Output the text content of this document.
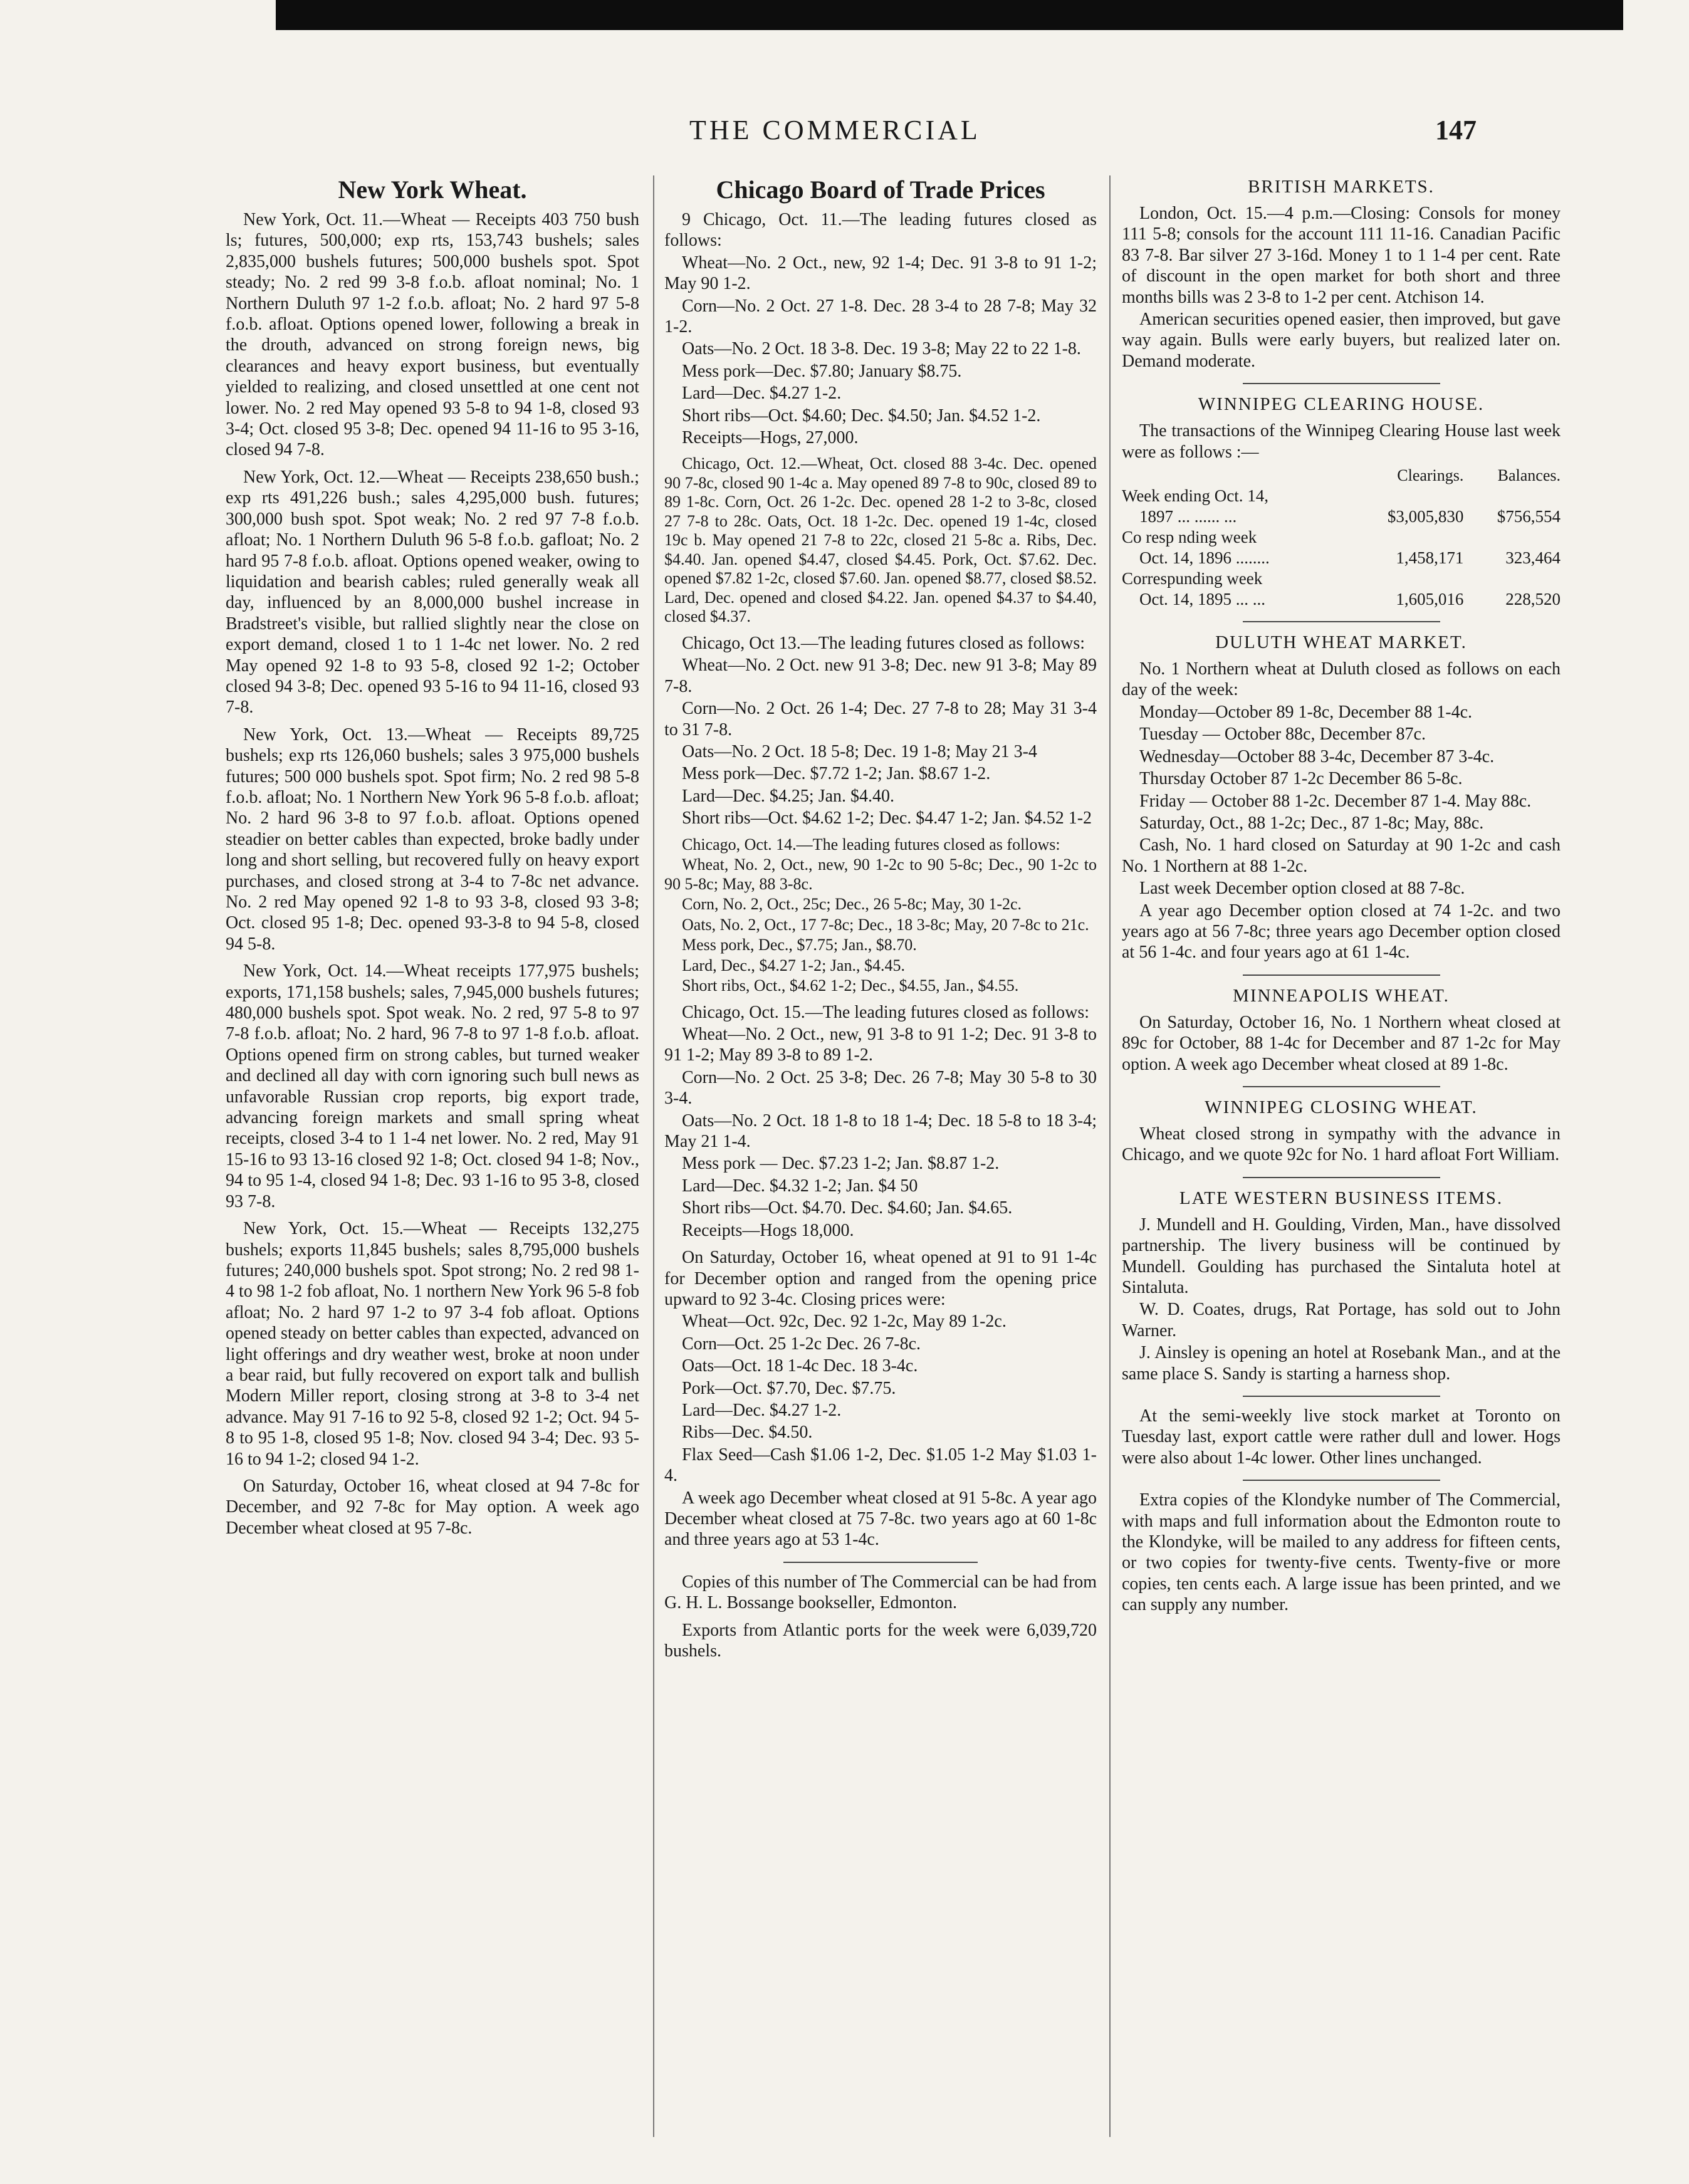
THE COMMERCIAL	147
New York Wheat.

New York, Oct. 11.—Wheat — Receipts 403 750 bush ls; futures, 500,000; exp rts, 153,743 bushels; sales 2,835,000 bushels futures; 500,000 bushels spot. Spot steady; No. 2 red 99 3-8 f.o.b. afloat nominal; No. 1 Northern Duluth 97 1-2 f.o.b. afloat; No. 2 hard 97 5-8 f.o.b. afloat. Options opened lower, following a break in the drouth, advanced on strong foreign news, big clearances and heavy export business, but eventually yielded to realizing, and closed unsettled at one cent not lower. No. 2 red May opened 93 5-8 to 94 1-8, closed 93 3-4; Oct. closed 95 3-8; Dec. opened 94 11-16 to 95 3-16, closed 94 7-8.

New York, Oct. 12.—Wheat — Receipts 238,650 bush.; exp rts 491,226 bush.; sales 4,295,000 bush. futures; 300,000 bush spot. Spot weak; No. 2 red 97 7-8 f.o.b. afloat; No. 1 Northern Duluth 96 5-8 f.o.b. gafloat; No. 2 hard 95 7-8 f.o.b. afloat. Options opened weaker, owing to liquidation and bearish cables; ruled generally weak all day, influenced by an 8,000,000 bushel increase in Bradstreet's visible, but rallied slightly near the close on export demand, closed 1 to 1 1-4c net lower. No. 2 red May opened 92 1-8 to 93 5-8, closed 92 1-2; October closed 94 3-8; Dec. opened 93 5-16 to 94 11-16, closed 93 7-8.

New York, Oct. 13.—Wheat — Receipts 89,725 bushels; exp rts 126,060 bushels; sales 3 975,000 bushels futures; 500 000 bushels spot. Spot firm; No. 2 red 98 5-8 f.o.b. afloat; No. 1 Northern New York 96 5-8 f.o.b. afloat; No. 2 hard 96 3-8 to 97 f.o.b. afloat. Options opened steadier on better cables than expected, broke badly under long and short selling, but recovered fully on heavy export purchases, and closed strong at 3-4 to 7-8c net advance. No. 2 red May opened 92 1-8 to 93 3-8, closed 93 3-8; Oct. closed 95 1-8; Dec. opened 93-3-8 to 94 5-8, closed 94 5-8.

New York, Oct. 14.—Wheat receipts 177,975 bushels; exports, 171,158 bushels; sales, 7,945,000 bushels futures; 480,000 bushels spot. Spot weak. No. 2 red, 97 5-8 to 97 7-8 f.o.b. afloat; No. 2 hard, 96 7-8 to 97 1-8 f.o.b. afloat. Options opened firm on strong cables, but turned weaker and declined all day with corn ignoring such bull news as unfavorable Russian crop reports, big export trade, advancing foreign markets and small spring wheat receipts, closed 3-4 to 1 1-4 net lower. No. 2 red, May 91 15-16 to 93 13-16 closed 92 1-8; Oct. closed 94 1-8; Nov., 94 to 95 1-4, closed 94 1-8; Dec. 93 1-16 to 95 3-8, closed 93 7-8.

New York, Oct. 15.—Wheat — Receipts 132,275 bushels; exports 11,845 bushels; sales 8,795,000 bushels futures; 240,000 bushels spot. Spot strong; No. 2 red 98 1-4 to 98 1-2 fob afloat, No. 1 northern New York 96 5-8 fob afloat; No. 2 hard 97 1-2 to 97 3-4 fob afloat. Options opened steady on better cables than expected, advanced on light offerings and dry weather west, broke at noon under a bear raid, but fully recovered on export talk and bullish Modern Miller report, closing strong at 3-8 to 3-4 net advance. May 91 7-16 to 92 5-8, closed 92 1-2; Oct. 94 5-8 to 95 1-8, closed 95 1-8; Nov. closed 94 3-4; Dec. 93 5-16 to 94 1-2; closed 94 1-2.

On Saturday, October 16, wheat closed at 94 7-8c for December, and 92 7-8c for May option. A week ago December wheat closed at 95 7-8c.

Chicago Board of Trade Prices
9 Chicago, Oct. 11.—The leading futures closed as follows:
Wheat—No. 2 Oct., new, 92 1-4; Dec. 91 3-8 to 91 1-2; May 90 1-2.
Corn—No. 2 Oct. 27 1-8. Dec. 28 3-4 to 28 7-8; May 32 1-2.
Oats—No. 2 Oct. 18 3-8. Dec. 19 3-8; May 22 to 22 1-8.
Mess pork—Dec. $7.80; January $8.75.
Lard—Dec. $4.27 1-2.
Short ribs—Oct. $4.60; Dec. $4.50; Jan. $4.52 1-2.
Receipts—Hogs, 27,000.

Chicago, Oct. 12.—Wheat, Oct. closed 88 3-4c. Dec. opened 90 7-8c, closed 90 1-4c a. May opened 89 7-8 to 90c, closed 89 to 89 1-8c. Corn, Oct. 26 1-2c. Dec. opened 28 1-2 to 3-8c, closed 27 7-8 to 28c. Oats, Oct. 18 1-2c. Dec. opened 19 1-4c, closed 19c b. May opened 21 7-8 to 22c, closed 21 5-8c a. Ribs, Dec. $4.40. Jan. opened $4.47, closed $4.45. Pork, Oct. $7.62. Dec. opened $7.82 1-2c, closed $7.60. Jan. opened $8.77, closed $8.52. Lard, Dec. opened and closed $4.22. Jan. opened $4.37 to $4.40, closed $4.37.

Chicago, Oct 13.—The leading futures closed as follows:
Wheat—No. 2 Oct. new 91 3-8; Dec. new 91 3-8; May 89 7-8.
Corn—No. 2 Oct. 26 1-4; Dec. 27 7-8 to 28; May 31 3-4 to 31 7-8.
Oats—No. 2 Oct. 18 5-8; Dec. 19 1-8; May 21 3-4
Mess pork—Dec. $7.72 1-2; Jan. $8.67 1-2.
Lard—Dec. $4.25; Jan. $4.40.
Short ribs—Oct. $4.62 1-2; Dec. $4.47 1-2; Jan. $4.52 1-2
Chicago, Oct. 14.—The leading futures closed as follows:
Wheat, No. 2, Oct., new, 90 1-2c to 90 5-8c; Dec., 90 1-2c to 90 5-8c; May, 88 3-8c.
Corn, No. 2, Oct., 25c; Dec., 26 5-8c; May, 30 1-2c.
Oats, No. 2, Oct., 17 7-8c; Dec., 18 3-8c; May, 20 7-8c to 21c.
Mess pork, Dec., $7.75; Jan., $8.70.
Lard, Dec., $4.27 1-2; Jan., $4.45.
Short ribs, Oct., $4.62 1-2; Dec., $4.55, Jan., $4.55.
Chicago, Oct. 15.—The leading futures closed as follows:
Wheat—No. 2 Oct., new, 91 3-8 to 91 1-2; Dec. 91 3-8 to 91 1-2; May 89 3-8 to 89 1-2.
Corn—No. 2 Oct. 25 3-8; Dec. 26 7-8; May 30 5-8 to 30 3-4.
Oats—No. 2 Oct. 18 1-8 to 18 1-4; Dec. 18 5-8 to 18 3-4; May 21 1-4.
Mess pork — Dec. $7.23 1-2; Jan. $8.87 1-2.
Lard—Dec. $4.32 1-2; Jan. $4 50
Short ribs—Oct. $4.70. Dec. $4.60; Jan. $4.65.
Receipts—Hogs 18,000.
On Saturday, October 16, wheat opened at 91 to 91 1-4c for December option and ranged from the opening price upward to 92 3-4c. Closing prices were:
Wheat—Oct. 92c, Dec. 92 1-2c, May 89 1-2c.
Corn—Oct. 25 1-2c Dec. 26 7-8c.
Oats—Oct. 18 1-4c Dec. 18 3-4c.
Pork—Oct. $7.70, Dec. $7.75.
Lard—Dec. $4.27 1-2.
Ribs—Dec. $4.50.
Flax Seed—Cash $1.06 1-2, Dec. $1.05 1-2 May $1.03 1-4.

A week ago December wheat closed at 91 5-8c. A year ago December wheat closed at 75 7-8c. two years ago at 60 1-8c and three years ago at 53 1-4c.

Copies of this number of The Commercial can be had from G. H. L. Bossange bookseller, Edmonton.

Exports from Atlantic ports for the week were 6,039,720 bushels.
BRITISH MARKETS.

London, Oct. 15.—4 p.m.—Closing: Consols for money 111 5-8; consols for the account 111 11-16. Canadian Pacific 83 7-8. Bar silver 27 3-16d. Money 1 to 1 1-4 per cent. Rate of discount in the open market for both short and three months bills was 2 3-8 to 1-2 per cent. Atchison 14.

American securities opened easier, then improved, but gave way again. Bulls were early buyers, but realized later on. Demand moderate.

WINNIPEG CLEARING HOUSE.

The transactions of the Winnipeg Clearing House last week were as follows :—

	Clearings.	Balances.
Week ending Oct. 14,		
1897 ... ...... ...	$3,005,830	$756,554
Co resp nding week		
Oct. 14, 1896 ........	1,458,171	323,464
Correspunding week		
Oct. 14, 1895 ... ...	1,605,016	228,520
DULUTH WHEAT MARKET.
No. 1 Northern wheat at Duluth closed as follows on each day of the week:
Monday—October 89 1-8c, December 88 1-4c.
Tuesday — October 88c, December 87c.
Wednesday—October 88 3-4c, December 87 3-4c.
Thursday October 87 1-2c December 86 5-8c.
Friday — October 88 1-2c. December 87 1-4. May 88c.
Saturday, Oct., 88 1-2c; Dec., 87 1-8c; May, 88c.
Cash, No. 1 hard closed on Saturday at 90 1-2c and cash No. 1 Northern at 88 1-2c.
Last week December option closed at 88 7-8c.
A year ago December option closed at 74 1-2c. and two years ago at 56 7-8c; three years ago December option closed at 56 1-4c. and four years ago at 61 1-4c.
MINNEAPOLIS WHEAT.

On Saturday, October 16, No. 1 Northern wheat closed at 89c for October, 88 1-4c for December and 87 1-2c for May option. A week ago December wheat closed at 89 1-8c.

WINNIPEG CLOSING WHEAT.

Wheat closed strong in sympathy with the advance in Chicago, and we quote 92c for No. 1 hard afloat Fort William.

LATE WESTERN BUSINESS ITEMS.
J. Mundell and H. Goulding, Virden, Man., have dissolved partnership. The livery business will be continued by Mundell. Goulding has purchased the Sintaluta hotel at Sintaluta.
W. D. Coates, drugs, Rat Portage, has sold out to John Warner.
J. Ainsley is opening an hotel at Rosebank Man., and at the same place S. Sandy is starting a harness shop.

At the semi-weekly live stock market at Toronto on Tuesday last, export cattle were rather dull and lower. Hogs were also about 1-4c lower. Other lines unchanged.

Extra copies of the Klondyke number of The Commercial, with maps and full information about the Edmonton route to the Klondyke, will be mailed to any address for fifteen cents, or two copies for twenty-five cents. Twenty-five or more copies, ten cents each. A large issue has been printed, and we can supply any number.
